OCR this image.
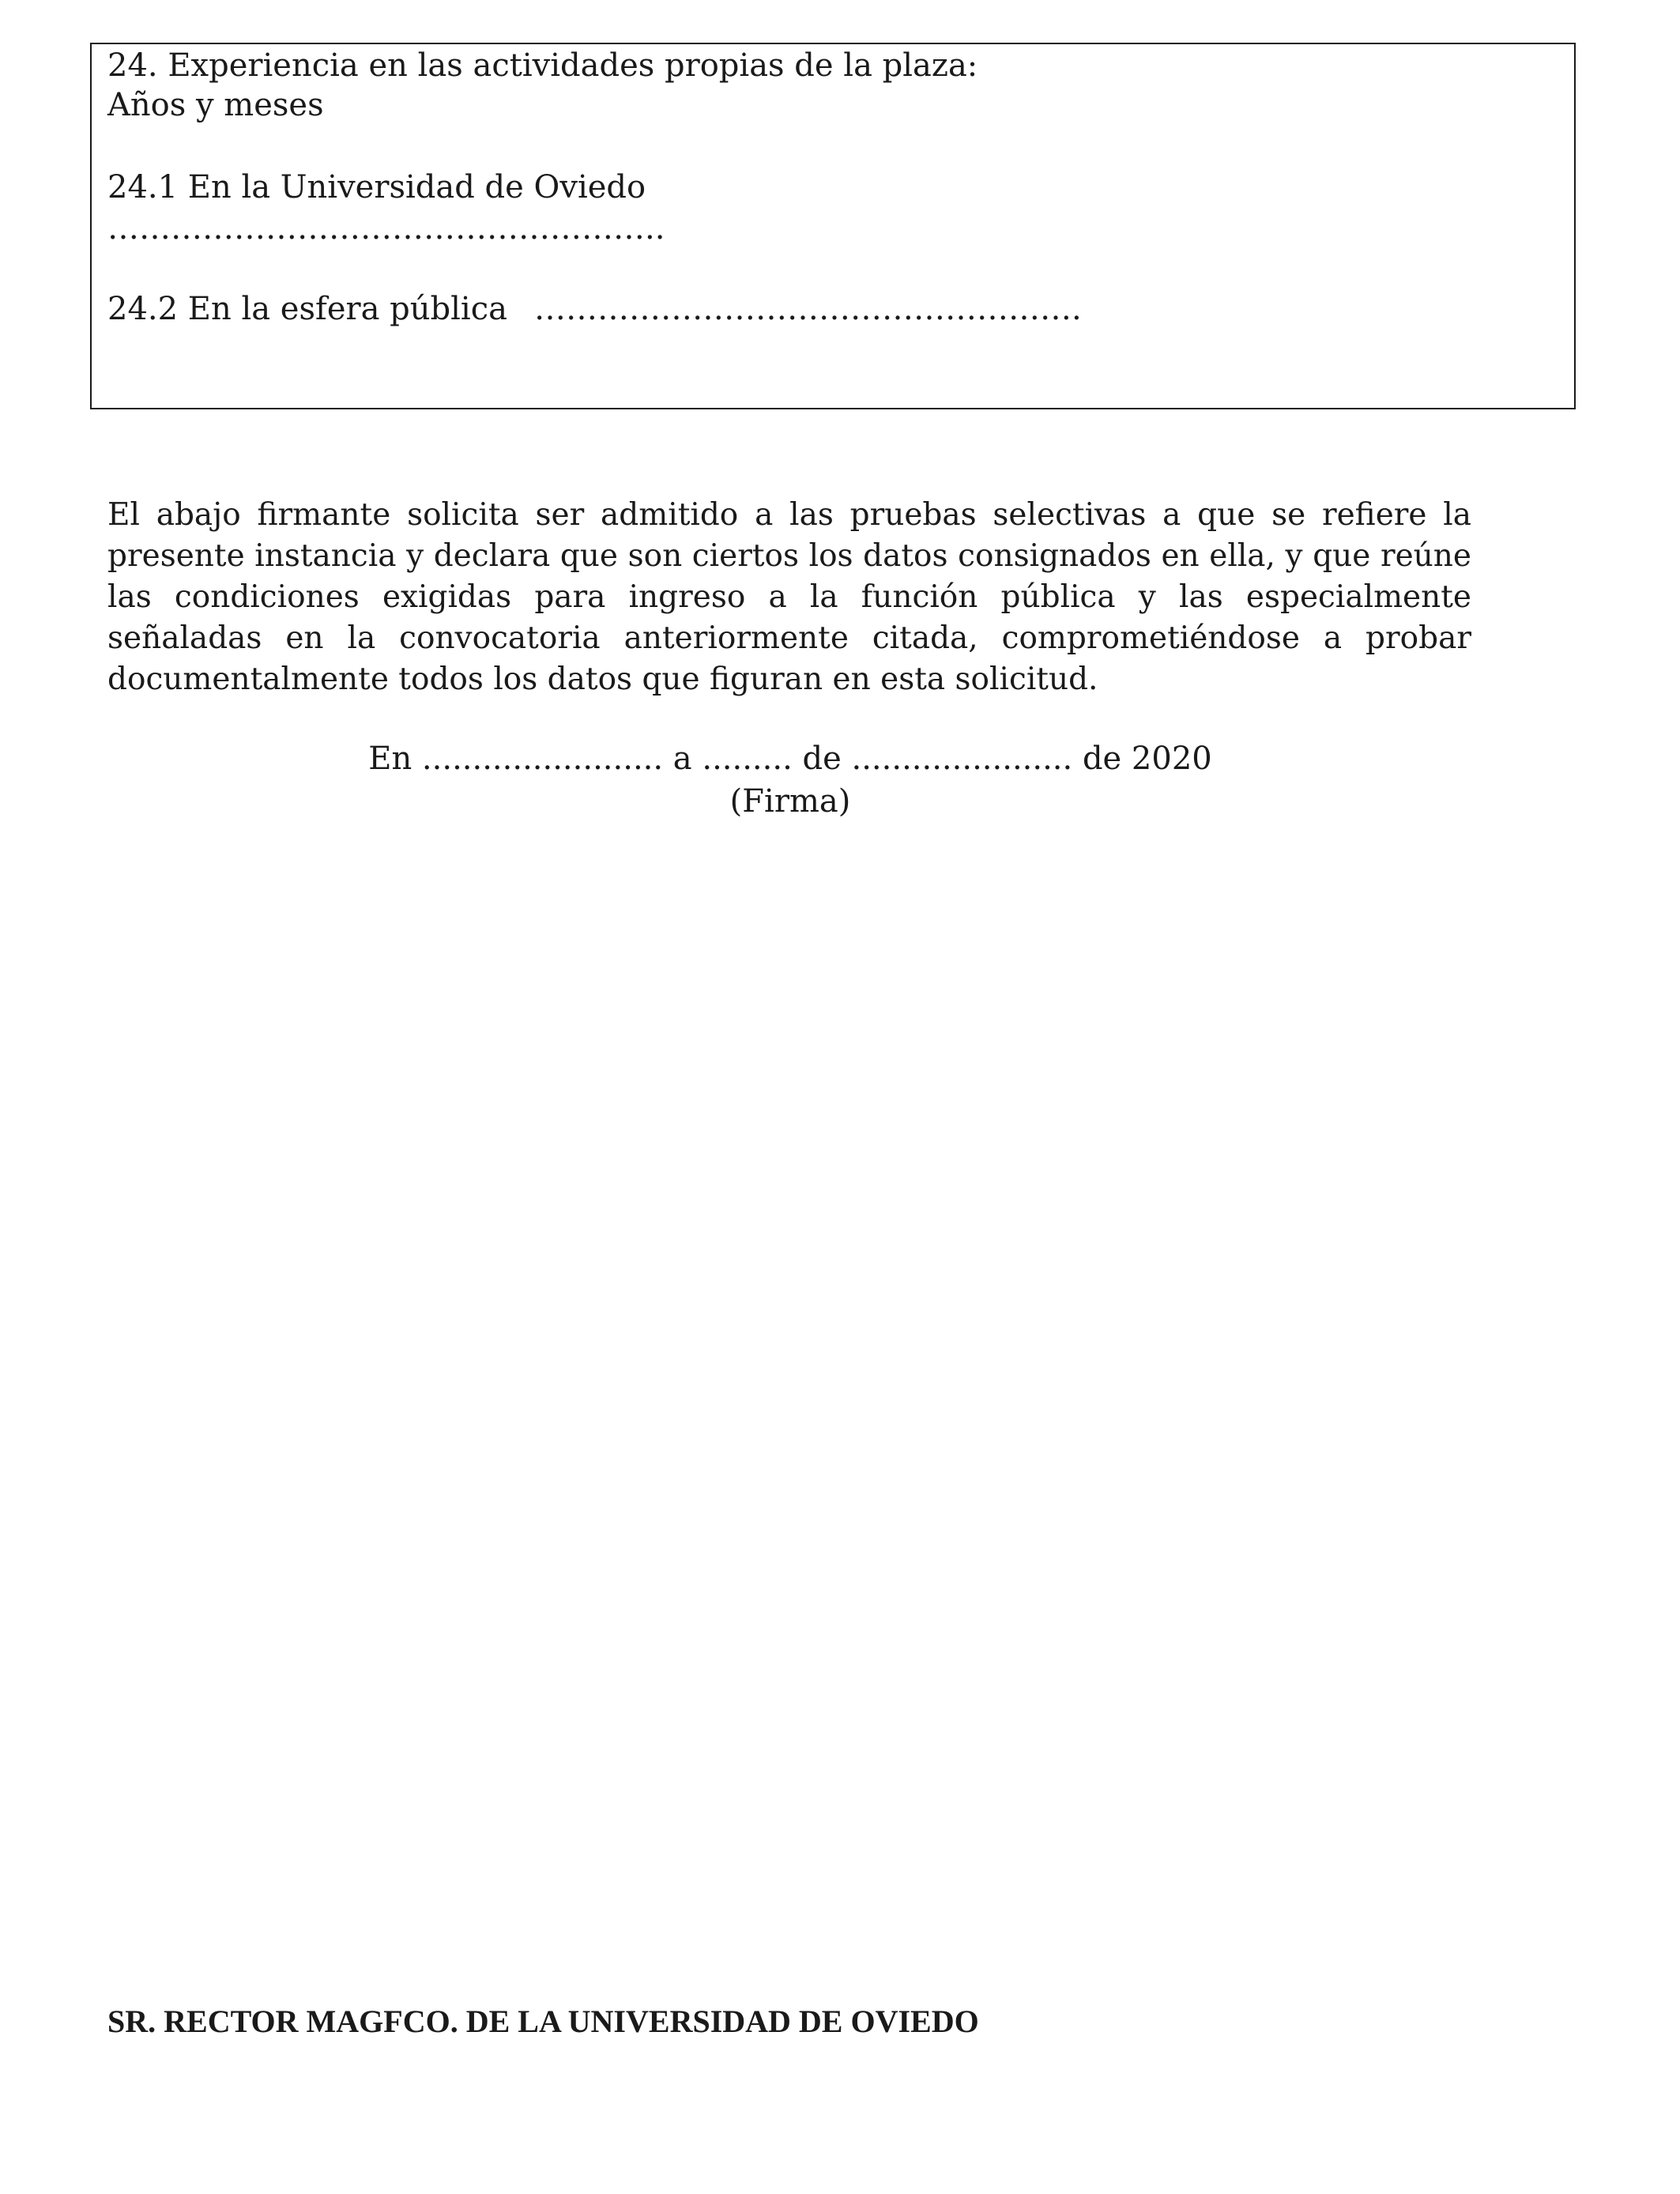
24. Experiencia en las actividades propias de la plaza: Años y meses
24.1 En la Universidad de Oviedo
……………………………………………..
24.2 En la esfera pública …………………………………………….
El abajo firmante solicita ser admitido a las pruebas selectivas a que se refiere la presente instancia y declara que son ciertos los datos consignados en ella, y que reúne las condiciones exigidas para ingreso a la función pública y las especialmente señaladas en la convocatoria anteriormente citada, comprometiéndose a probar documentalmente todos los datos que figuran en esta solicitud.
En ........................ a ......... de ...................... de 2020
(Firma)
SR. RECTOR MAGFCO. DE LA UNIVERSIDAD DE OVIEDO
